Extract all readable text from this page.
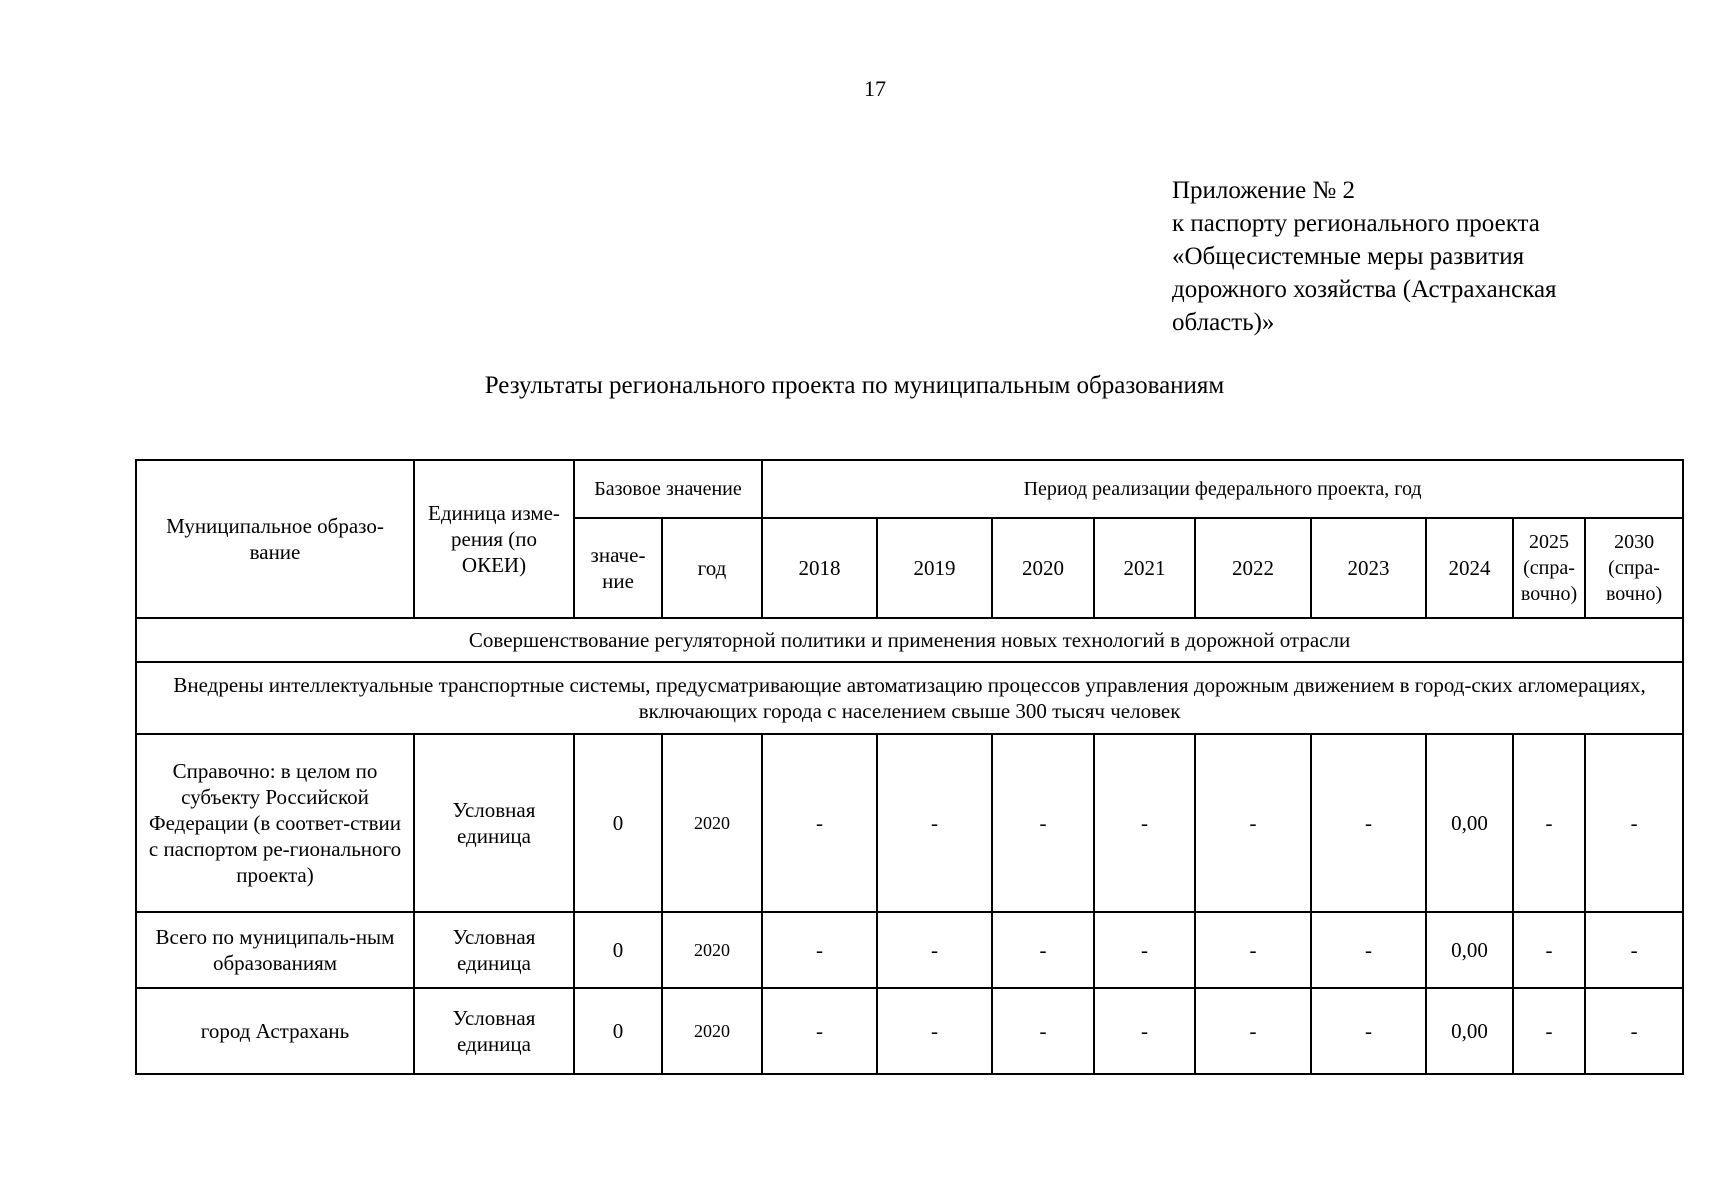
17
Приложение № 2
к паспорту регионального проекта
«Общесистемные меры развития
дорожного хозяйства (Астраханская
область)»
Результаты регионального проекта по муниципальным образованиям
Муниципальное образо-вание	Единица изме-рения (по ОКЕИ)	Базовое значение		Период реализации федерального проекта, год								
		значе-ние	год	2018	2019	2020	2021	2022	2023	2024	2025 (спра-вочно)	2030 (спра-вочно)
Совершенствование регуляторной политики и применения новых технологий в дорожной отрасли												
Внедрены интеллектуальные транспортные системы, предусматривающие автоматизацию процессов управления дорожным движением в город-ских агломерациях, включающих города с населением свыше 300 тысяч человек												
Справочно: в целом по субъекту Российской Федерации (в соответ-ствии с паспортом ре-гионального проекта)	Условная единица	0	2020	-	-	-	-	-	-	0,00	-	-
Всего по муниципаль-ным образованиям	Условная единица	0	2020	-	-	-	-	-	-	0,00	-	-
город Астрахань	Условная единица	0	2020	-	-	-	-	-	-	0,00	-	-
